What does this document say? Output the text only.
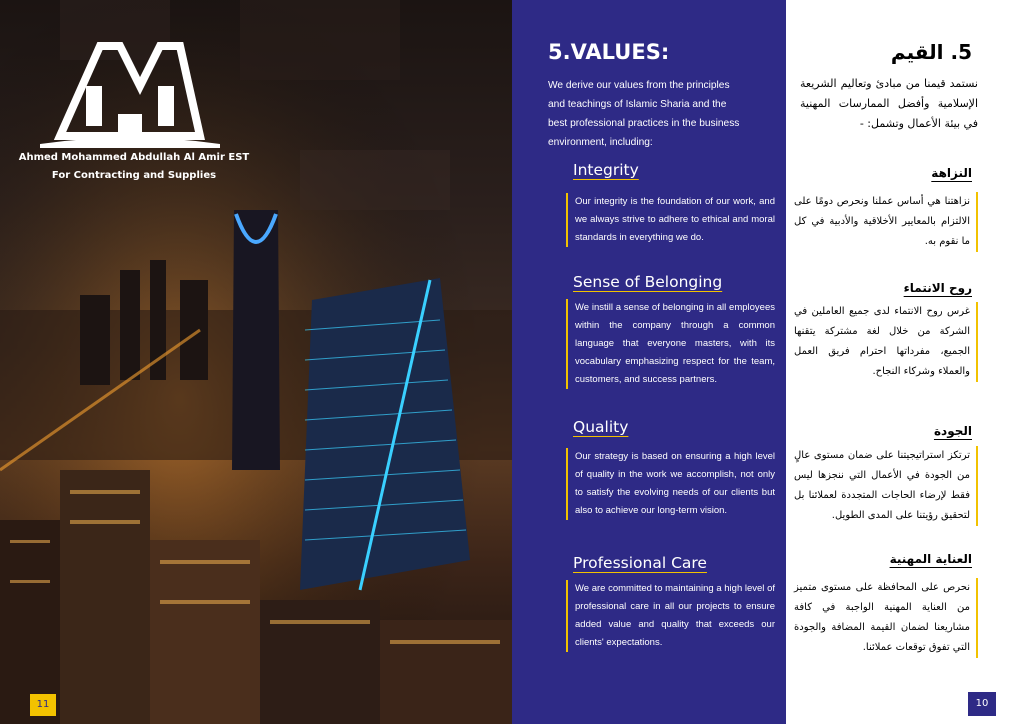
AMA
Ahmed Mohammed Abdullah Al Amir EST
For Contracting and Supplies
11
5.VALUES:
We derive our values from the principles and teachings of Islamic Sharia and the best professional practices in the business environment, including:
Integrity
Our integrity is the foundation of our work, and we always strive to adhere to ethical and moral standards in everything we do.
Sense of Belonging
We instill a sense of belonging in all employees within the company through a common language that everyone masters, with its vocabulary emphasizing respect for the team, customers, and success partners.
Quality
Our strategy is based on ensuring a high level of quality in the work we accomplish, not only to satisfy the evolving needs of our clients but also to achieve our long-term vision.
Professional Care
We are committed to maintaining a high level of professional care in all our projects to ensure added value and quality that exceeds our clients' expectations.
5. القيم
نستمد قيمنا من مبادئ وتعاليم الشريعة الإسلامية وأفضل الممارسات المهنية في بيئة الأعمال وتشمل: -
النزاهة
نزاهتنا هي أساس عملنا ونحرص دومًا على الالتزام بالمعايير الأخلاقية والأدبية في كل ما نقوم به.
روح الانتماء
غرس روح الانتماء لدى جميع العاملين في الشركة من خلال لغة مشتركة يتقنها الجميع، مفرداتها احترام فريق العمل والعملاء وشركاء النجاح.
الجودة
ترتكز استراتيجيتنا على ضمان مستوى عالٍ من الجودة في الأعمال التي ننجزها ليس فقط لإرضاء الحاجات المتجددة لعملائنا بل لتحقيق رؤيتنا على المدى الطويل.
العناية المهنية
نحرص على المحافظة على مستوى متميز من العناية المهنية الواجبة في كافة مشاريعنا لضمان القيمة المضافة والجودة التي تفوق توقعات عملائنا.
10
